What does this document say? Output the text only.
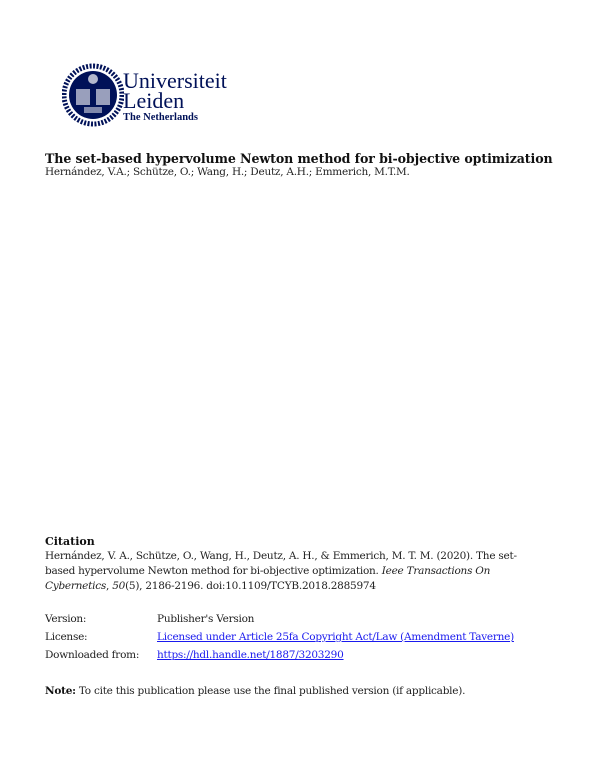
Universiteit
Leiden
The Netherlands
The set-based hypervolume Newton method for bi-objective optimization
Hernández, V.A.; Schütze, O.; Wang, H.; Deutz, A.H.; Emmerich, M.T.M.
Citation
Hernández, V. A., Schütze, O., Wang, H., Deutz, A. H., & Emmerich, M. T. M. (2020). The set-
based hypervolume Newton method for bi-objective optimization. Ieee Transactions On
Cybernetics, 50(5), 2186-2196. doi:10.1109/TCYB.2018.2885974
Version:	Publisher's Version
License:	Licensed under Article 25fa Copyright Act/Law (Amendment Taverne)
Downloaded from: https://hdl.handle.net/1887/3203290
Note: To cite this publication please use the final published version (if applicable).
